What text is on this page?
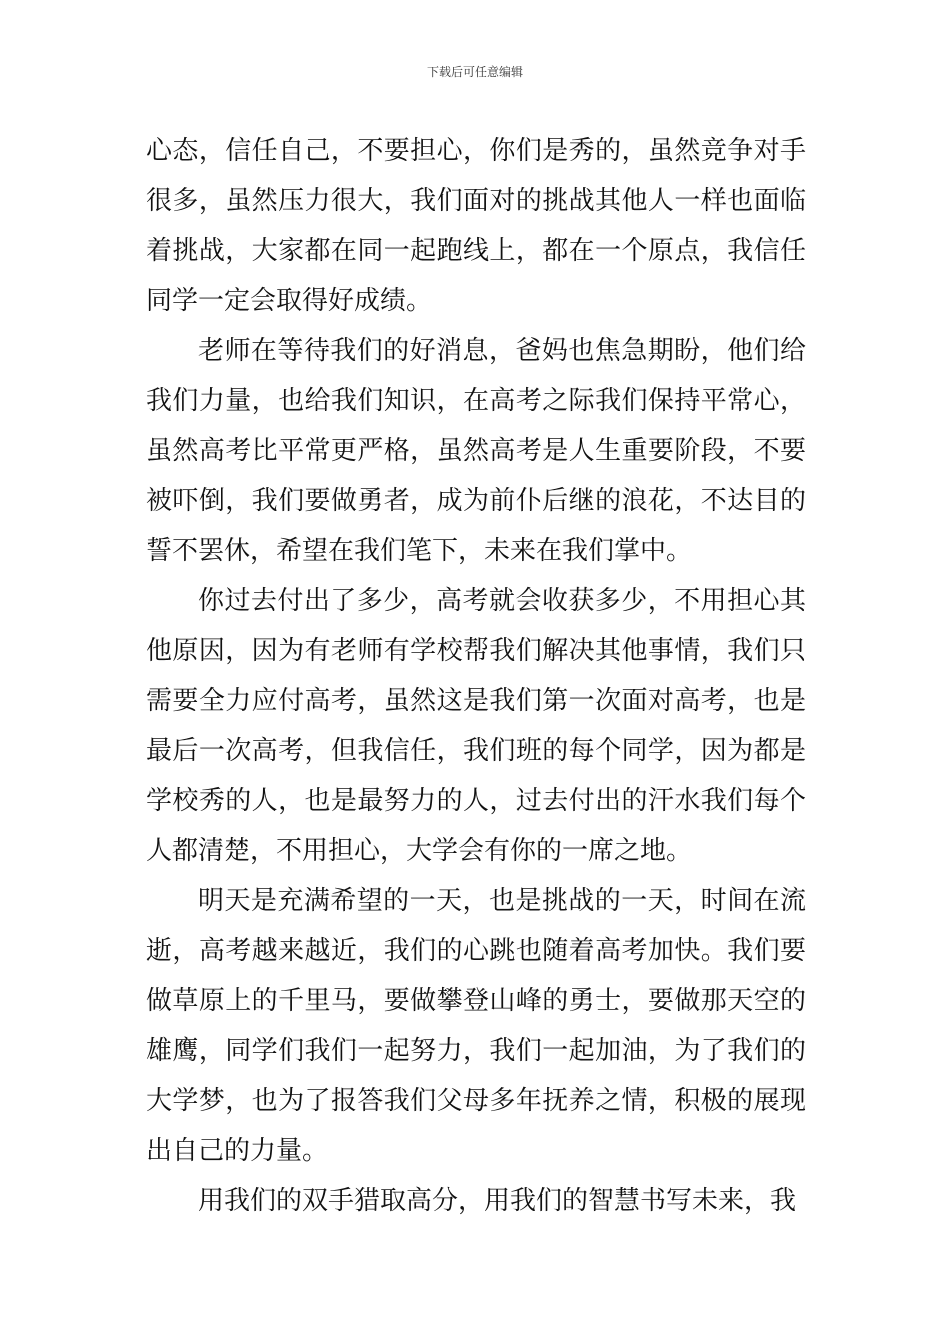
下载后可任意编辑

心态，信任自己，不要担心，你们是秀的，虽然竞争对手很多，虽然压力很大，我们面对的挑战其他人一样也面临着挑战，大家都在同一起跑线上，都在一个原点，我信任同学一定会取得好成绩。

老师在等待我们的好消息，爸妈也焦急期盼，他们给我们力量，也给我们知识，在高考之际我们保持平常心，虽然高考比平常更严格，虽然高考是人生重要阶段，不要被吓倒，我们要做勇者，成为前仆后继的浪花，不达目的誓不罢休，希望在我们笔下，未来在我们掌中。

你过去付出了多少，高考就会收获多少，不用担心其他原因，因为有老师有学校帮我们解决其他事情，我们只需要全力应付高考，虽然这是我们第一次面对高考，也是最后一次高考，但我信任，我们班的每个同学，因为都是学校秀的人，也是最努力的人，过去付出的汗水我们每个人都清楚，不用担心，大学会有你的一席之地。

明天是充满希望的一天，也是挑战的一天，时间在流逝，高考越来越近，我们的心跳也随着高考加快。我们要做草原上的千里马，要做攀登山峰的勇士，要做那天空的雄鹰，同学们我们一起努力，我们一起加油，为了我们的大学梦，也为了报答我们父母多年抚养之情，积极的展现出自己的力量。

用我们的双手猎取高分，用我们的智慧书写未来，我
